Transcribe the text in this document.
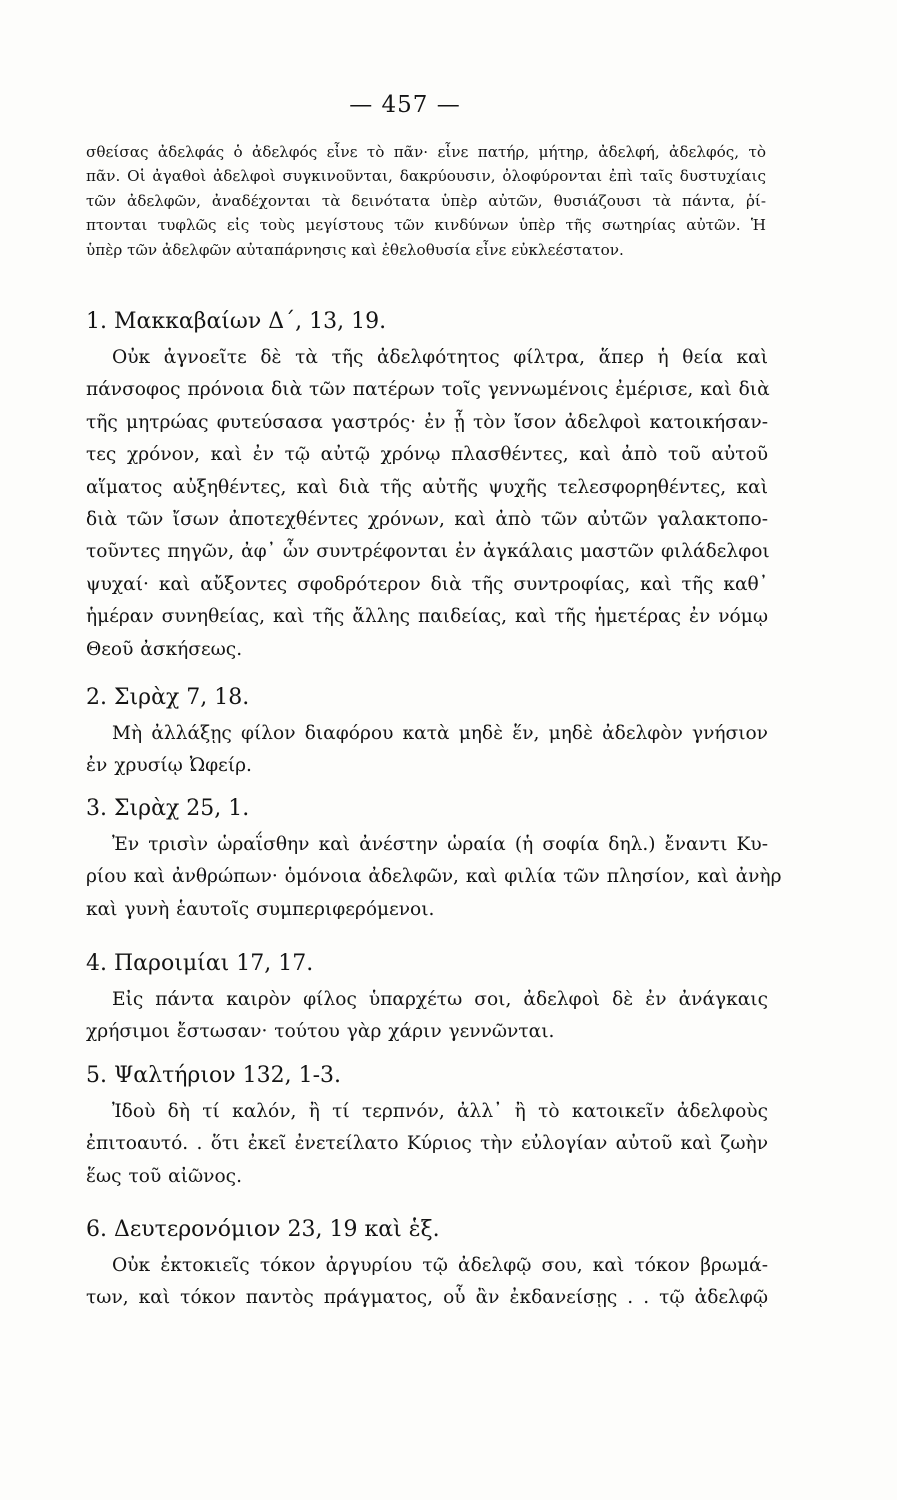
— 457 —
σθείσας ἀδελφάς ὁ ἀδελφός εἶνε τὸ πᾶν· εἶνε πατήρ, μήτηρ, ἀδελφή, ἀδελφός, τὸ
πᾶν. Οἱ ἀγαθοὶ ἀδελφοὶ συγκινοῦνται, δακρύουσιν, ὀλοφύρονται ἐπὶ ταῖς δυστυχίαις
τῶν ἀδελφῶν, ἀναδέχονται τὰ δεινότατα ὑπὲρ αὐτῶν, θυσιάζουσι τὰ πάντα, ῥί-
πτονται τυφλῶς εἰς τοὺς μεγίστους τῶν κινδύνων ὑπὲρ τῆς σωτηρίας αὐτῶν. Ἡ
ὑπὲρ τῶν ἀδελφῶν αὐταπάρνησις καὶ ἐθελοθυσία εἶνε εὐκλεέστατον.
1. Μακκαβαίων Δ΄, 13, 19.
Οὐκ ἀγνοεῖτε δὲ τὰ τῆς ἀδελφότητος φίλτρα, ἅπερ ἡ θεία καὶ
πάνσοφος πρόνοια διὰ τῶν πατέρων τοῖς γεννωμένοις ἐμέρισε, καὶ διὰ
τῆς μητρώας φυτεύσασα γαστρός· ἐν ᾗ τὸν ἴσον ἀδελφοὶ κατοικήσαν-
τες χρόνον, καὶ ἐν τῷ αὐτῷ χρόνῳ πλασθέντες, καὶ ἀπὸ τοῦ αὐτοῦ
αἵματος αὐξηθέντες, καὶ διὰ τῆς αὐτῆς ψυχῆς τελεσφορηθέντες, καὶ
διὰ τῶν ἴσων ἀποτεχθέντες χρόνων, καὶ ἀπὸ τῶν αὐτῶν γαλακτοπο-
τοῦντες πηγῶν, ἀφ᾽ ὧν συντρέφονται ἐν ἀγκάλαις μαστῶν φιλάδελφοι
ψυχαί· καὶ αὔξοντες σφοδρότερον διὰ τῆς συντροφίας, καὶ τῆς καθ᾽
ἡμέραν συνηθείας, καὶ τῆς ἄλλης παιδείας, καὶ τῆς ἡμετέρας ἐν νόμῳ
Θεοῦ ἀσκήσεως.
2. Σιρὰχ 7, 18.
Μὴ ἀλλάξῃς φίλον διαφόρου κατὰ μηδὲ ἕν, μηδὲ ἀδελφὸν γνήσιον
ἐν χρυσίῳ Ὠφείρ.
3. Σιρὰχ 25, 1.
Ἐν τρισὶν ὡραΐσθην καὶ ἀνέστην ὡραία (ἡ σοφία δηλ.) ἔναντι Κυ-
ρίου καὶ ἀνθρώπων· ὁμόνοια ἀδελφῶν, καὶ φιλία τῶν πλησίον, καὶ ἀνὴρ
καὶ γυνὴ ἑαυτοῖς συμπεριφερόμενοι.
4. Παροιμίαι 17, 17.
Εἰς πάντα καιρὸν φίλος ὑπαρχέτω σοι, ἀδελφοὶ δὲ ἐν ἀνάγκαις
χρήσιμοι ἔστωσαν· τούτου γὰρ χάριν γεννῶνται.
5. Ψαλτήριον 132, 1-3.
Ἰδοὺ δὴ τί καλόν, ἢ τί τερπνόν, ἀλλ᾽ ἢ τὸ κατοικεῖν ἀδελφοὺς
ἐπιτοαυτό. . ὅτι ἐκεῖ ἐνετείλατο Κύριος τὴν εὐλογίαν αὐτοῦ καὶ ζωὴν
ἕως τοῦ αἰῶνος.
6. Δευτερονόμιον 23, 19 καὶ ἑξ.
Οὐκ ἐκτοκιεῖς τόκον ἀργυρίου τῷ ἀδελφῷ σου, καὶ τόκον βρωμά-
των, καὶ τόκον παντὸς πράγματος, οὗ ἂν ἐκδανείσῃς . . τῷ ἀδελφῷ
